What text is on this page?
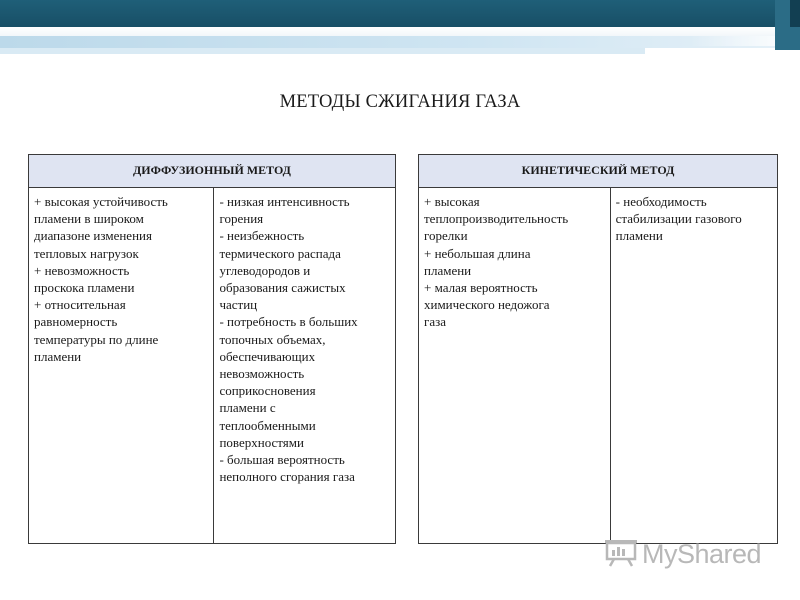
МЕТОДЫ СЖИГАНИЯ ГАЗА
ДИФФУЗИОННЫЙ МЕТОД

+ высокая устойчивость
пламени в широком
диапазоне изменения
тепловых нагрузок
+ невозможность
проскока пламени
+ относительная
равномерность
температуры по длине
пламени

- низкая интенсивность
горения
- неизбежность
термического распада
углеводородов и
образования сажистых
частиц
- потребность в больших
топочных объемах,
обеспечивающих
невозможность
соприкосновения
пламени с
теплообменными
поверхностями
- большая вероятность
неполного сгорания газа
КИНЕТИЧЕСКИЙ МЕТОД

+ высокая
теплопроизводительность
горелки
+ небольшая длина
пламени
+ малая вероятность
химического недожога
газа

- необходимость
стабилизации газового
пламени
MyShared
